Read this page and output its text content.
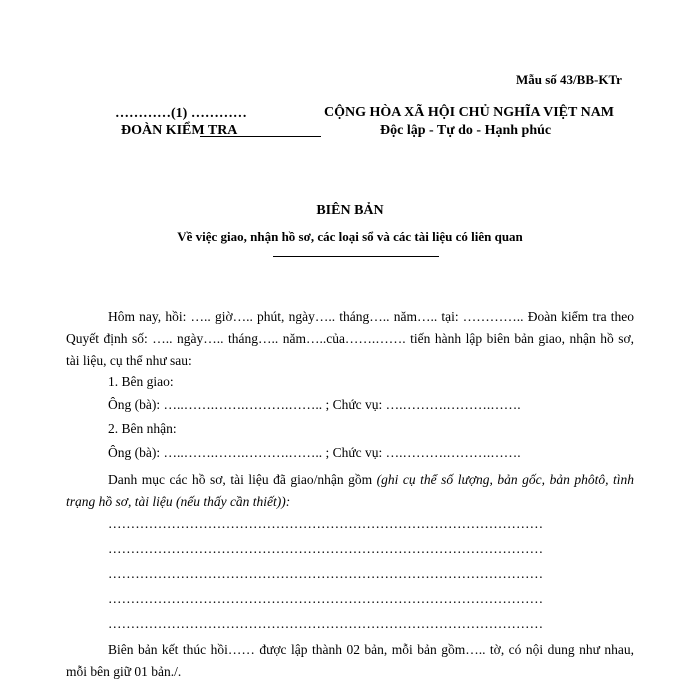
Mẫu số 43/BB-KTr
…………(1) …………
ĐOÀN KIỂM TRA
CỘNG HÒA XÃ HỘI CHỦ NGHĨA VIỆT NAM
Độc lập - Tự do - Hạnh phúc
BIÊN BẢN
Về việc giao, nhận hồ sơ, các loại sổ và các tài liệu có liên quan
Hôm nay, hồi: ….. giờ….. phút, ngày….. tháng….. năm….. tại: ………….. Đoàn kiểm tra theo Quyết định số: ….. ngày….. tháng….. năm…..của…….……. tiến hành lập biên bản giao, nhận hồ sơ, tài liệu, cụ thể như sau:
1. Bên giao:
Ông (bà): …..…….…….……….…….. ; Chức vụ: ….……….……….…….
2. Bên nhận:
Ông (bà): …..…….…….……….…….. ; Chức vụ: ….……….……….…….
Danh mục các hồ sơ, tài liệu đã giao/nhận gồm (ghi cụ thể số lượng, bản gốc, bản phôtô, tình trạng hồ sơ, tài liệu (nếu thấy cần thiết)):
……………………………………………………………………………………
……………………………………………………………………………………
……………………………………………………………………………………
……………………………………………………………………………………
……………………………………………………………………………………
Biên bản kết thúc hồi…… được lập thành 02 bản, mỗi bản gồm….. tờ, có nội dung như nhau, mỗi bên giữ 01 bản./.
